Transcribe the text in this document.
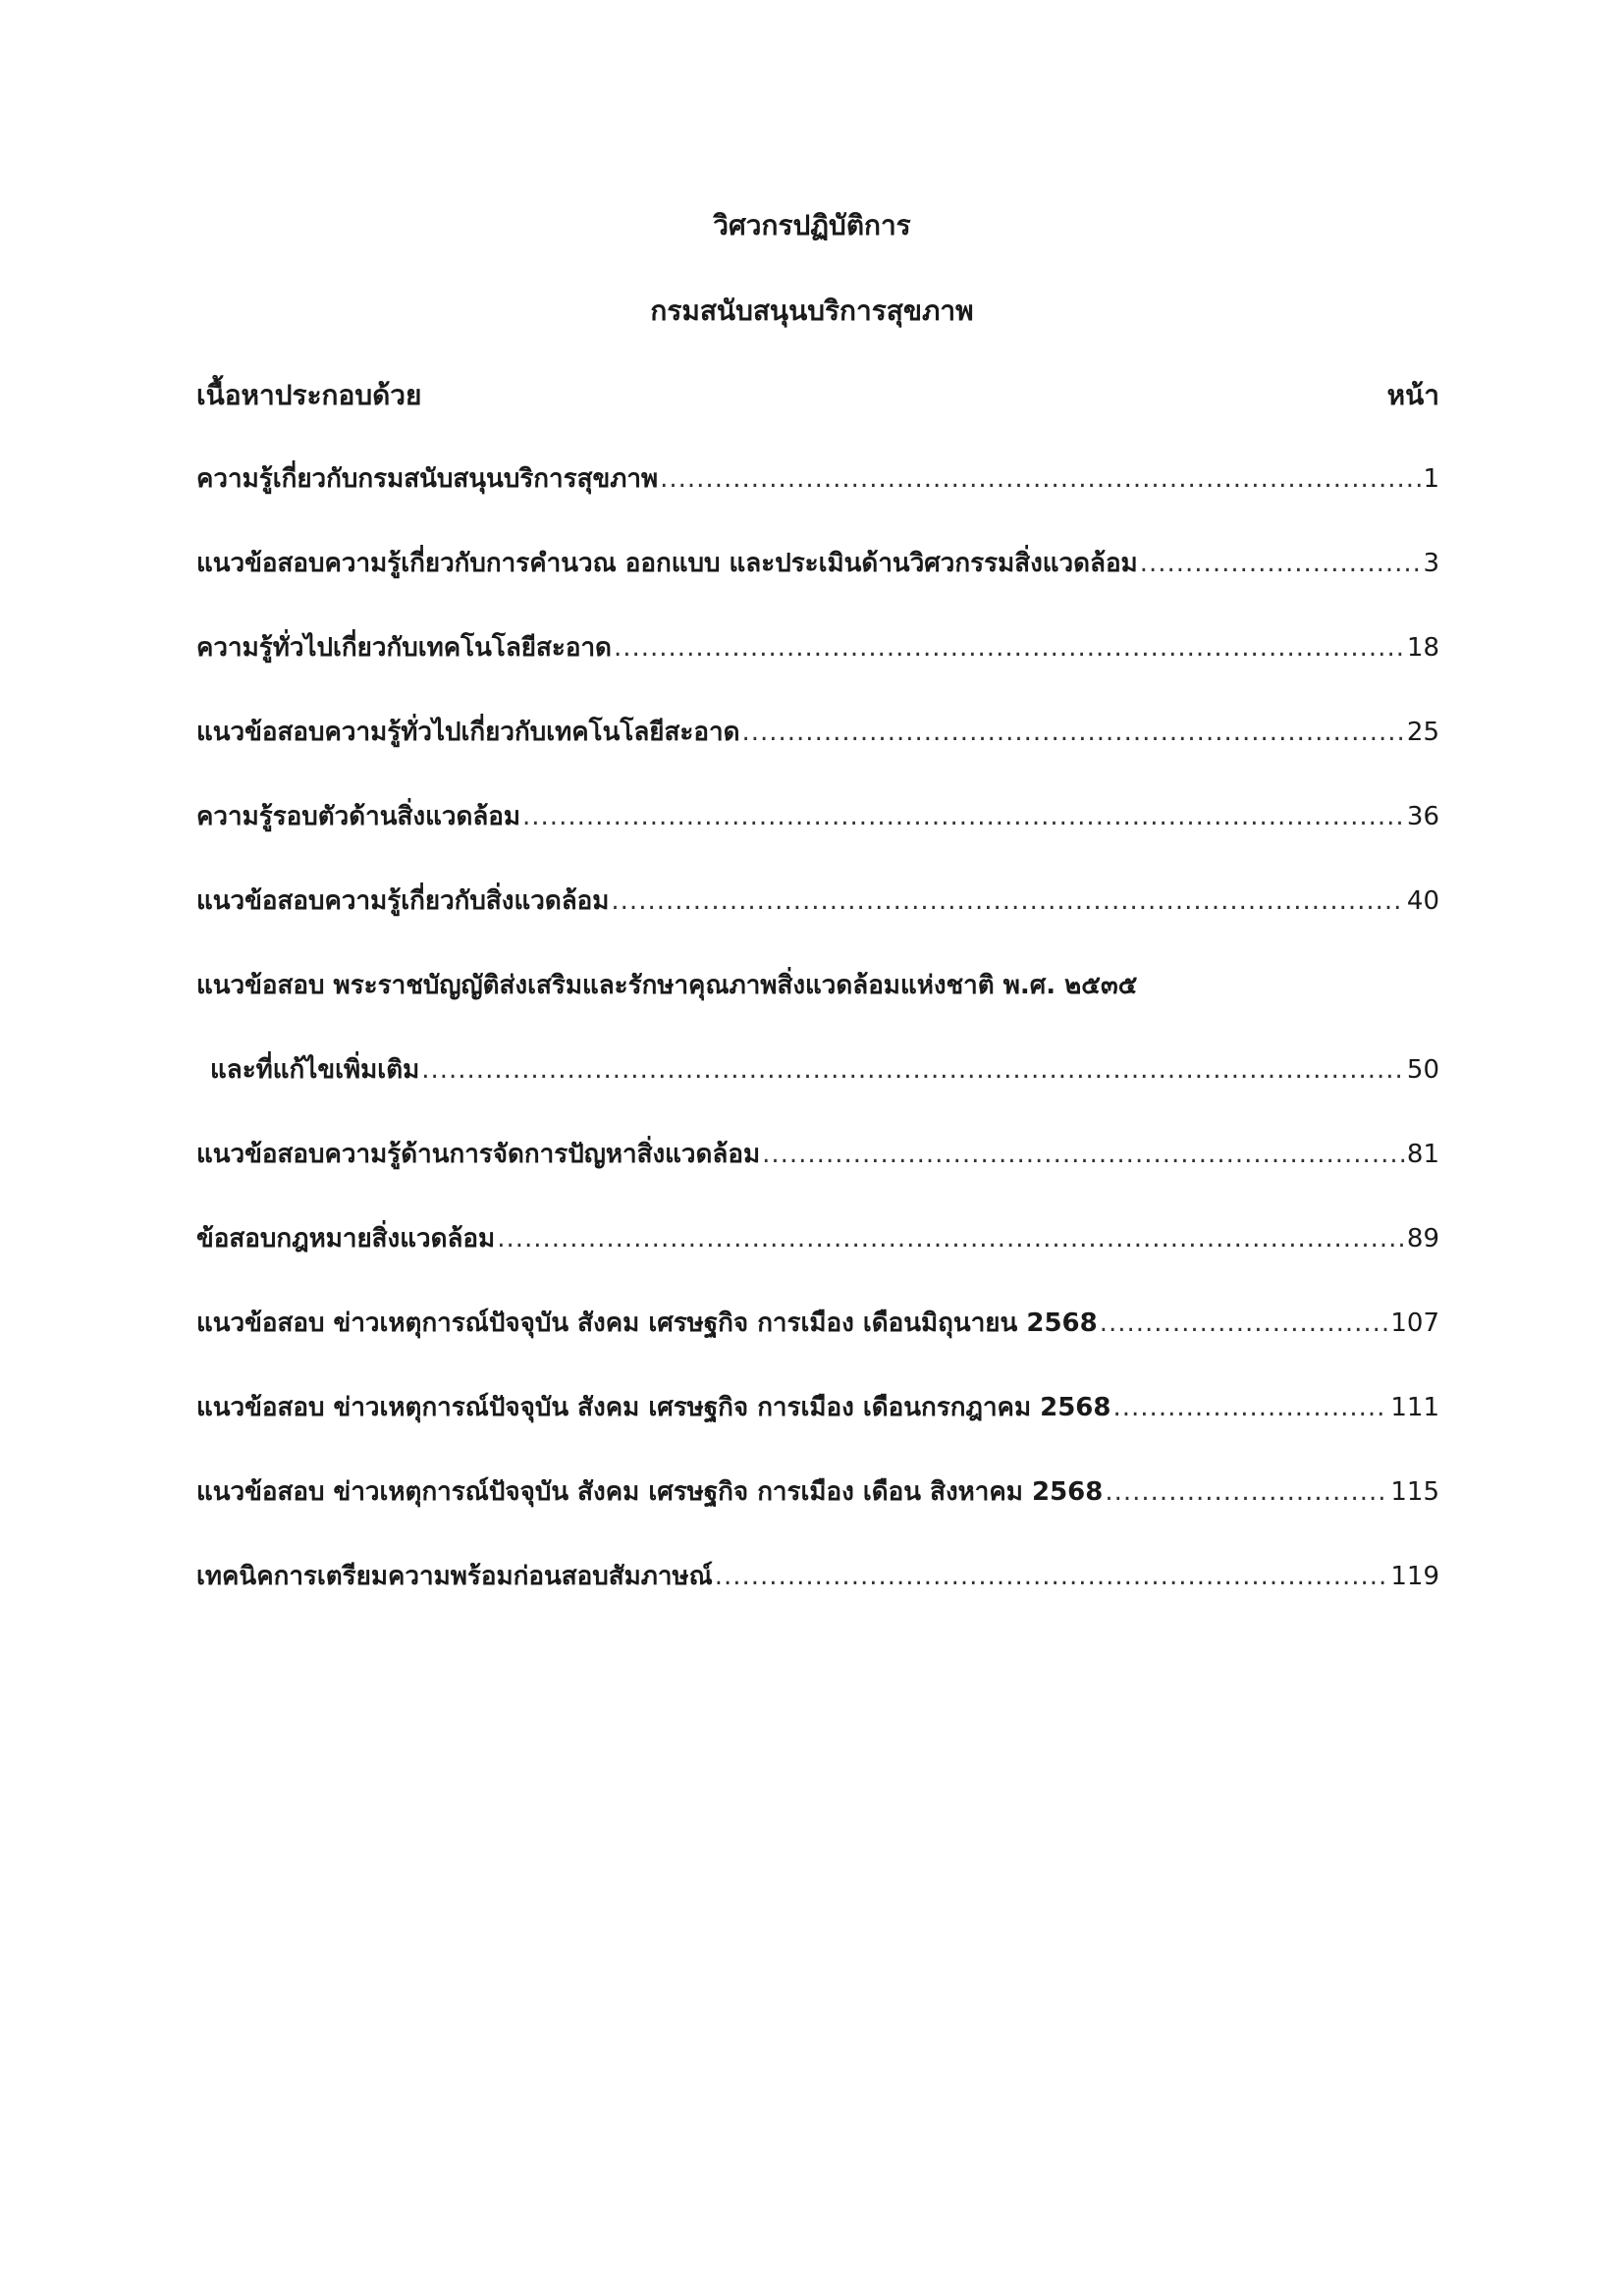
วิศวกรปฏิบัติการ
กรมสนับสนุนบริการสุขภาพ
เนื้อหาประกอบด้วย	หน้า
ความรู้เกี่ยวกับกรมสนับสนุนบริการสุขภาพ .....	1
แนวข้อสอบความรู้เกี่ยวกับการคำนวณ ออกแบบ และประเมินด้านวิศวกรรมสิ่งแวดล้อม .....	3
ความรู้ทั่วไปเกี่ยวกับเทคโนโลยีสะอาด .....	18
แนวข้อสอบความรู้ทั่วไปเกี่ยวกับเทคโนโลยีสะอาด .....	25
ความรู้รอบตัวด้านสิ่งแวดล้อม .....	36
แนวข้อสอบความรู้เกี่ยวกับสิ่งแวดล้อม .....	40
แนวข้อสอบ พระราชบัญญัติส่งเสริมและรักษาคุณภาพสิ่งแวดล้อมแห่งชาติ พ.ศ. ๒๕๓๕
และที่แก้ไขเพิ่มเติม .....	50
แนวข้อสอบความรู้ด้านการจัดการปัญหาสิ่งแวดล้อม .....	81
ข้อสอบกฎหมายสิ่งแวดล้อม .....	89
แนวข้อสอบ ข่าวเหตุการณ์ปัจจุบัน สังคม เศรษฐกิจ การเมือง เดือนมิถุนายน 2568 .....	107
แนวข้อสอบ ข่าวเหตุการณ์ปัจจุบัน สังคม เศรษฐกิจ การเมือง เดือนกรกฎาคม 2568 .....	111
แนวข้อสอบ ข่าวเหตุการณ์ปัจจุบัน สังคม เศรษฐกิจ การเมือง เดือน สิงหาคม 2568 .....	115
เทคนิคการเตรียมความพร้อมก่อนสอบสัมภาษณ์ .....	119
